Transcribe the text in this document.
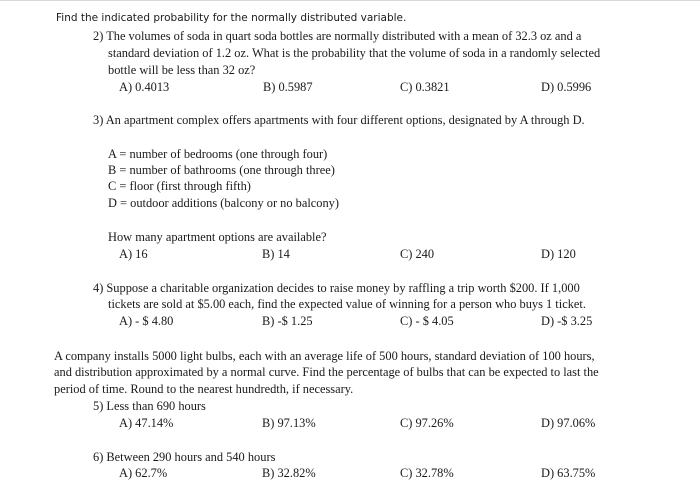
Find the indicated probability for the normally distributed variable.
2) The volumes of soda in quart soda bottles are normally distributed with a mean of 32.3 oz and a
standard deviation of 1.2 oz. What is the probability that the volume of soda in a randomly selected
bottle will be less than 32 oz?
A) 0.4013	B) 0.5987	C) 0.3821	D) 0.5996
3) An apartment complex offers apartments with four different options, designated by A through D.
A = number of bedrooms (one through four)
B = number of bathrooms (one through three)
C = floor (first through fifth)
D = outdoor additions (balcony or no balcony)
How many apartment options are available?
A) 16	B) 14	C) 240	D) 120
4) Suppose a charitable organization decides to raise money by raffling a trip worth $200. If 1,000
tickets are sold at $5.00 each, find the expected value of winning for a person who buys 1 ticket.
A) - $ 4.80	B) -$ 1.25	C) - $ 4.05	D) -$ 3.25
A company installs 5000 light bulbs, each with an average life of 500 hours, standard deviation of 100 hours,
and distribution approximated by a normal curve. Find the percentage of bulbs that can be expected to last the
period of time. Round to the nearest hundredth, if necessary.
5) Less than 690 hours
A) 47.14%	B) 97.13%	C) 97.26%	D) 97.06%
6) Between 290 hours and 540 hours
A) 62.7%	B) 32.82%	C) 32.78%	D) 63.75%
